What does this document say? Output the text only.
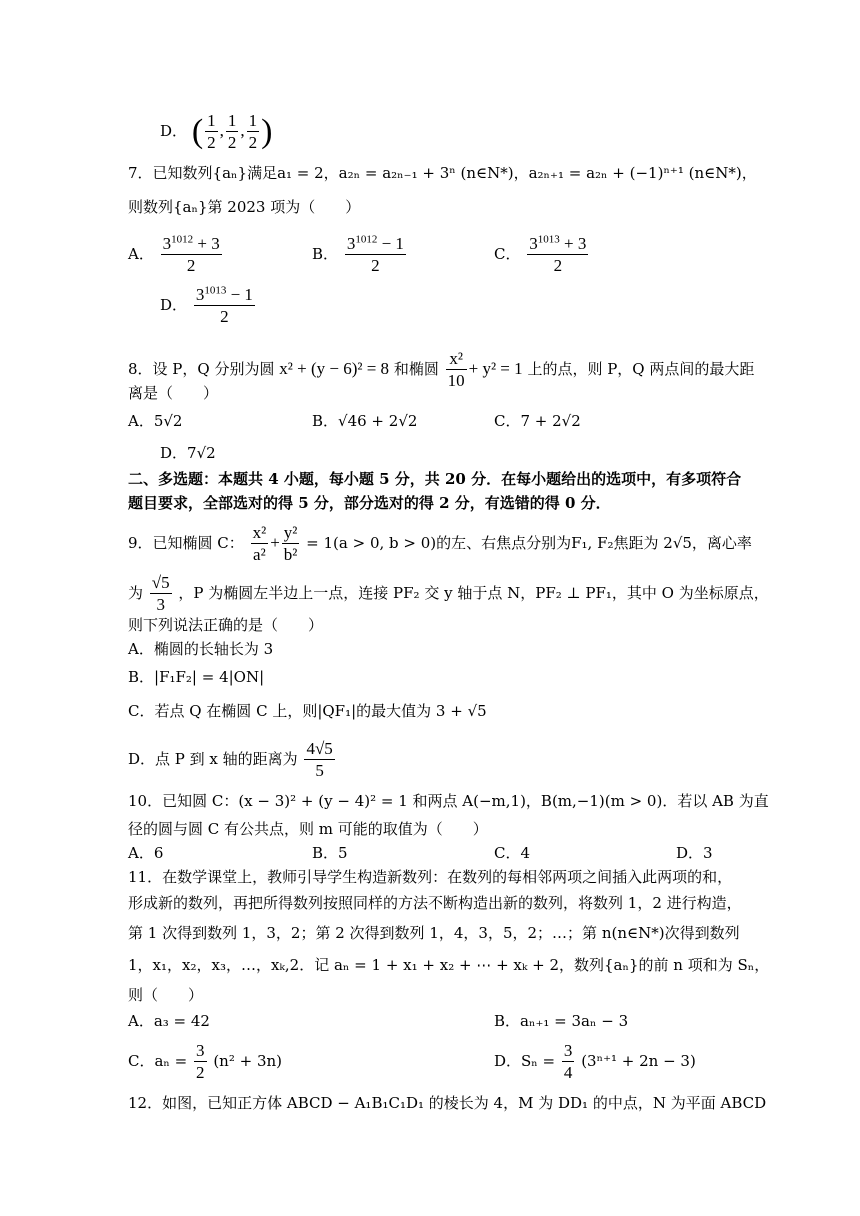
D． ( $\frac{1}{2}$ , $\frac{1}{2}$ , $\frac{1}{2}$ )
7．已知数列{aₙ}满足a₁ = 2，a₂ₙ = a₂ₙ₋₁ + 3ⁿ (n∈N*)，a₂ₙ₊₁ = a₂ₙ + (−1)ⁿ⁺¹ (n∈N*)，
则数列{aₙ}第 2023 项为（　　）
A． $\frac{3^{1012} + 3}{2}$	B． $\frac{3^{1012} - 1}{2}$	C． $\frac{3^{1013} + 3}{2}$
D． $\frac{3^{1013} - 1}{2}$
8．设 P，Q 分别为圆 x² + (y − 6)² = 8 和椭圆 $\frac{\text{x²}}{10} + y^2 = 1$ 上的点，则 P，Q 两点间的最大距
离是（　　）
A．5√2	B．√46 + 2√2	C．7 + 2√2
D．7√2
二、多选题：本题共 4 小题，每小题 5 分，共 20 分．在每小题给出的选项中，有多项符合
题目要求，全部选对的得 5 分，部分选对的得 2 分，有选错的得 0 分．
9．已知椭圆 C： $\frac{\text{x²}}{\text{a²}} + \frac{\text{y²}}{\text{b²}} = 1(a > 0$, b > 0)的左、右焦点分别为F₁, F₂焦距为 2√5，离心率
为 $\frac{√5}{3}$ ，P 为椭圆左半边上一点，连接 PF₂ 交 y 轴于点 N，PF₂ ⊥ PF₁，其中 O 为坐标原点，
则下列说法正确的是（　　）
A．椭圆的长轴长为 3
B．|F₁F₂| = 4|ON|
C．若点 Q 在椭圆 C 上，则|QF₁|的最大值为 3 + √5
D．点 P 到 x 轴的距离为 $\frac{4√5}{5}$
10．已知圆 C：(x − 3)² + (y − 4)² = 1 和两点 A(−m,1)，B(m,−1)(m > 0)．若以 AB 为直
径的圆与圆 C 有公共点，则 m 可能的取值为（　　）
A．6	B．5	C．4	D．3
11．在数学课堂上，教师引导学生构造新数列：在数列的每相邻两项之间插入此两项的和，
形成新的数列，再把所得数列按照同样的方法不断构造出新的数列，将数列 1，2 进行构造，
第 1 次得到数列 1，3，2；第 2 次得到数列 1，4，3，5，2；…；第 n(n∈N*)次得到数列
1，x₁，x₂，x₃，…，xₖ,2．记 aₙ = 1 + x₁ + x₂ + ⋯ + xₖ + 2，数列{aₙ}的前 n 项和为 Sₙ，
则（　　）
A．a₃ = 42	B．aₙ₊₁ = 3aₙ − 3
C．$a_n = \frac{3}{2} (n^2 + 3n)$	D．$S_n = \frac{3}{4} (3^{n+1} + 2n - 3)$
12．如图，已知正方体 ABCD − A₁B₁C₁D₁ 的棱长为 4，M 为 DD₁ 的中点，N 为平面 ABCD
